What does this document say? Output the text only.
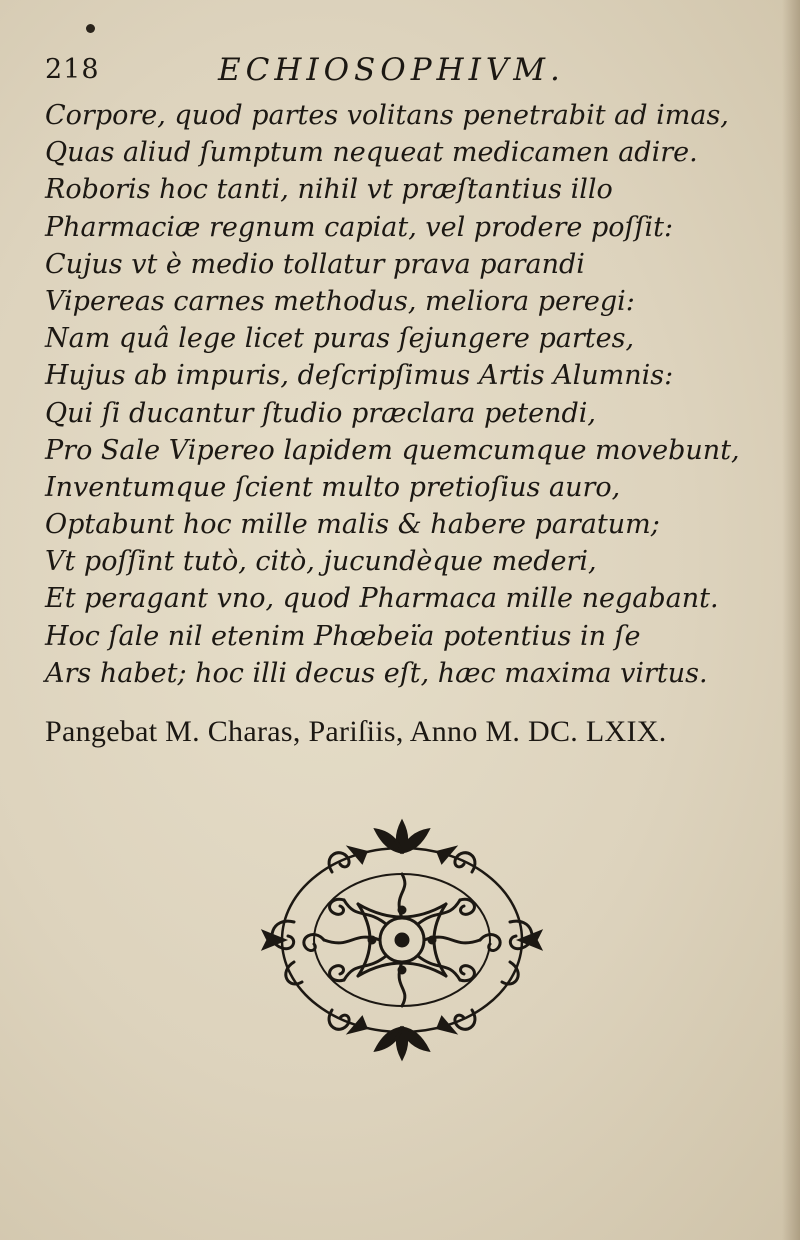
218	ECHIOSOPHIVM.
Corpore, quod partes volitans penetrabit ad imas,
Quas aliud ſumptum nequeat medicamen adire.
Roboris hoc tanti, nihil vt præſtantius illo
Pharmaciæ regnum capiat, vel prodere poſſit:
Cujus vt è medio tollatur prava parandi
Vipereas carnes methodus, meliora peregi:
Nam quâ lege licet puras ſejungere partes,
Hujus ab impuris, deſcripſimus Artis Alumnis:
Qui ſi ducantur ſtudio præclara petendi,
Pro Sale Vipereo lapidem quemcumque movebunt,
Inventumque ſcient multo pretioſius auro,
Optabunt hoc mille malis & habere paratum;
Vt poſſint tutò, citò, jucundèque mederi,
Et peragant vno, quod Pharmaca mille negabant.
Hoc ſale nil etenim Phœbeïa potentius in ſe
Ars habet; hoc illi decus eſt, hæc maxima virtus.
Pangebat M. Charas, Pariſiis, Anno M. DC. LXIX.
